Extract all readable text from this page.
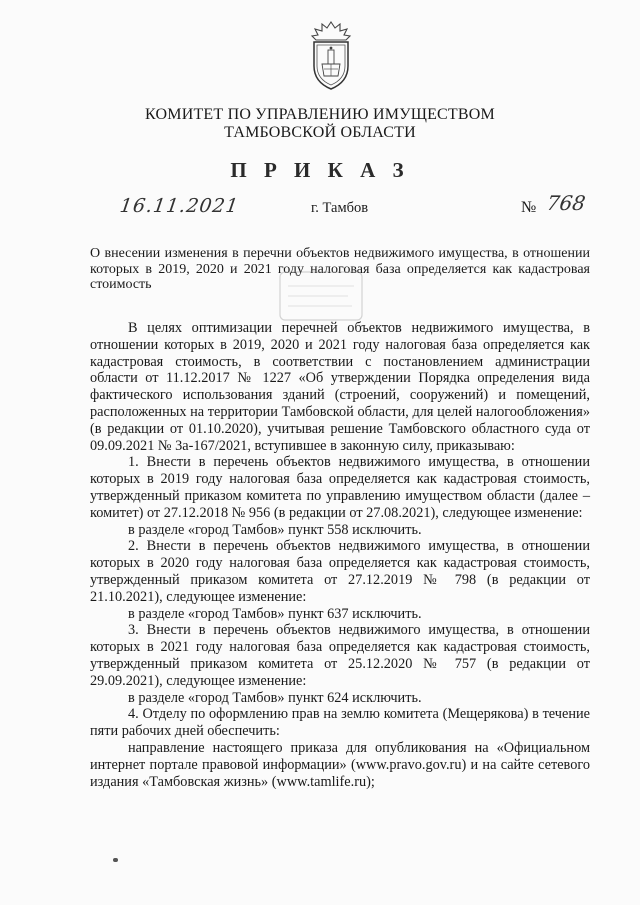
КОМИТЕТ ПО УПРАВЛЕНИЮ ИМУЩЕСТВОМ
ТАМБОВСКОЙ ОБЛАСТИ
П Р И К А З
16.11.2021	г. Тамбов	№ 768
О внесении изменения в перечни объектов недвижимого имущества, в отношении которых в 2019, 2020 и 2021 году налоговая база определяется как кадастровая стоимость

В целях оптимизации перечней объектов недвижимого имущества, в отношении которых в 2019, 2020 и 2021 году налоговая база определяется как кадастровая стоимость, в соответствии с постановлением администрации области от 11.12.2017 № 1227 «Об утверждении Порядка определения вида фактического использования зданий (строений, сооружений) и помещений, расположенных на территории Тамбовской области, для целей налогообложения» (в редакции от 01.10.2020), учитывая решение Тамбовского областного суда от 09.09.2021 № 3а-167/2021, вступившее в законную силу, приказываю:

1. Внести в перечень объектов недвижимого имущества, в отношении которых в 2019 году налоговая база определяется как кадастровая стоимость, утвержденный приказом комитета по управлению имуществом области (далее – комитет) от 27.12.2018 № 956 (в редакции от 27.08.2021), следующее изменение:

в разделе «город Тамбов» пункт 558 исключить.

2. Внести в перечень объектов недвижимого имущества, в отношении которых в 2020 году налоговая база определяется как кадастровая стоимость, утвержденный приказом комитета от 27.12.2019 № 798 (в редакции от 21.10.2021), следующее изменение:

в разделе «город Тамбов» пункт 637 исключить.

3. Внести в перечень объектов недвижимого имущества, в отношении которых в 2021 году налоговая база определяется как кадастровая стоимость, утвержденный приказом комитета от 25.12.2020 № 757 (в редакции от 29.09.2021), следующее изменение:

в разделе «город Тамбов» пункт 624 исключить.

4. Отделу по оформлению прав на землю комитета (Мещерякова) в течение пяти рабочих дней обеспечить:

направление настоящего приказа для опубликования на «Официальном интернет портале правовой информации» (www.pravo.gov.ru) и на сайте сетевого издания «Тамбовская жизнь» (www.tamlife.ru);
